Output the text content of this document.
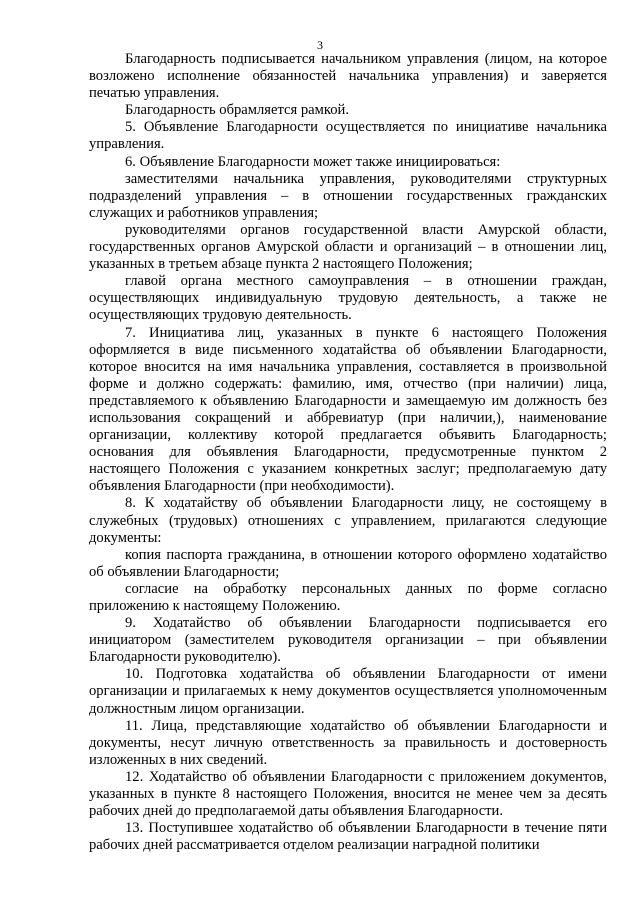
3

Благодарность подписывается начальником управления (лицом, на которое возложено исполнение обязанностей начальника управления) и заверяется печатью управления.

Благодарность обрамляется рамкой.

5. Объявление Благодарности осуществляется по инициативе начальника управления.

6. Объявление Благодарности может также инициироваться:

заместителями начальника управления, руководителями структурных подразделений управления – в отношении государственных гражданских служащих и работников управления;

руководителями органов государственной власти Амурской области, государственных органов Амурской области и организаций – в отношении лиц, указанных в третьем абзаце пункта 2 настоящего Положения;

главой органа местного самоуправления – в отношении граждан, осуществляющих индивидуальную трудовую деятельность, а также не осуществляющих трудовую деятельность.

7. Инициатива лиц, указанных в пункте 6 настоящего Положения оформляется в виде письменного ходатайства об объявлении Благодарности, которое вносится на имя начальника управления, составляется в произвольной форме и должно содержать: фамилию, имя, отчество (при наличии) лица, представляемого к объявлению Благодарности и замещаемую им должность без использования сокращений и аббревиатур (при наличии,), наименование организации, коллективу которой предлагается объявить Благодарность; основания для объявления Благодарности, предусмотренные пунктом 2 настоящего Положения с указанием конкретных заслуг; предполагаемую дату объявления Благодарности (при необходимости).

8. К ходатайству об объявлении Благодарности лицу, не состоящему в служебных (трудовых) отношениях с управлением, прилагаются следующие документы:

копия паспорта гражданина, в отношении которого оформлено ходатайство об объявлении Благодарности;

согласие на обработку персональных данных по форме согласно приложению к настоящему Положению.

9. Ходатайство об объявлении Благодарности подписывается его инициатором (заместителем руководителя организации – при объявлении Благодарности руководителю).

10. Подготовка ходатайства об объявлении Благодарности от имени организации и прилагаемых к нему документов осуществляется уполномоченным должностным лицом организации.

11. Лица, представляющие ходатайство об объявлении Благодарности и документы, несут личную ответственность за правильность и достоверность изложенных в них сведений.

12. Ходатайство об объявлении Благодарности с приложением документов, указанных в пункте 8 настоящего Положения, вносится не менее чем за десять рабочих дней до предполагаемой даты объявления Благодарности.

13. Поступившее ходатайство об объявлении Благодарности в течение пяти рабочих дней рассматривается отделом реализации наградной политики
